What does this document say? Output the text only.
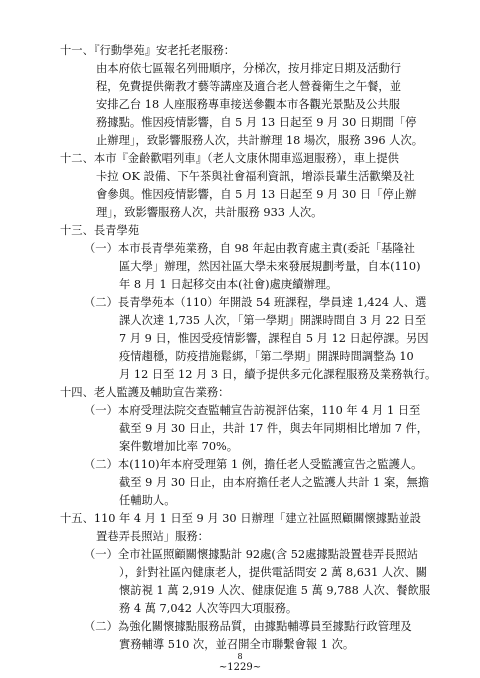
十一、『行動學苑』安老托老服務：

由本府依七區報名列冊順序，分梯次，按月排定日期及活動行

程，免費提供衛教才藝等講座及適合老人營養衛生之午餐，並

安排乙台 18 人座服務專車接送參觀本市各觀光景點及公共服

務據點。惟因疫情影響，自 5 月 13 日起至 9 月 30 日期間「停

止辦理」，致影響服務人次，共計辦理 18 場次，服務 396 人次。

十二、本市『金齡歡唱列車』（老人文康休閒車巡迴服務），車上提供

卡拉 OK 設備、下午茶與社會福利資訊，增添長輩生活歡樂及社

會參與。惟因疫情影響，自 5 月 13 日起至 9 月 30 日「停止辦

理」，致影響服務人次，共計服務 933 人次。

十三、長青學苑

（一）本市長青學苑業務，自 98 年起由教育處主責(委託「基隆社

區大學」辦理，然因社區大學未來發展規劃考量，自本(110)

年 8 月 1 日起移交由本(社會)處庚續辦理。

（二）長青學苑本（110）年開設 54 班課程，學員達 1,424 人、選

課人次達 1,735 人次，「第一學期」開課時間自 3 月 22 日至

7 月 9 日，惟因受疫情影響，課程自 5 月 12 日起停課。另因

疫情趨穩，防疫措施鬆綁，「第二學期」開課時間調整為 10

月 12 日至 12 月 3 日，續予提供多元化課程服務及業務執行。

十四、老人監護及輔助宣告業務：

（一）本府受理法院交查監輔宣告訪視評估案，110 年 4 月 1 日至

截至 9 月 30 日止，共計 17 件，與去年同期相比增加 7 件，

案件數增加比率 70%。

（二）本(110)年本府受理第 1 例，擔任老人受監護宣告之監護人。

截至 9 月 30 日止，由本府擔任老人之監護人共計 1 案，無擔

任輔助人。

十五、110 年 4 月 1 日至 9 月 30 日辦理「建立社區照顧關懷據點並設

置巷弄長照站」服務：

（一）全市社區照顧關懷據點計 92處(含 52處據點設置巷弄長照站

），針對社區內健康老人，提供電話問安 2 萬 8,631 人次、關

懷訪視 1 萬 2,919 人次、健康促進 5 萬 9,788 人次、餐飲服

務 4 萬 7,042 人次等四大項服務。

（二）為強化關懷據點服務品質，由據點輔導員至據點行政管理及

實務輔導 510 次，並召開全市聯繫會報 1 次。

8
~1229~
